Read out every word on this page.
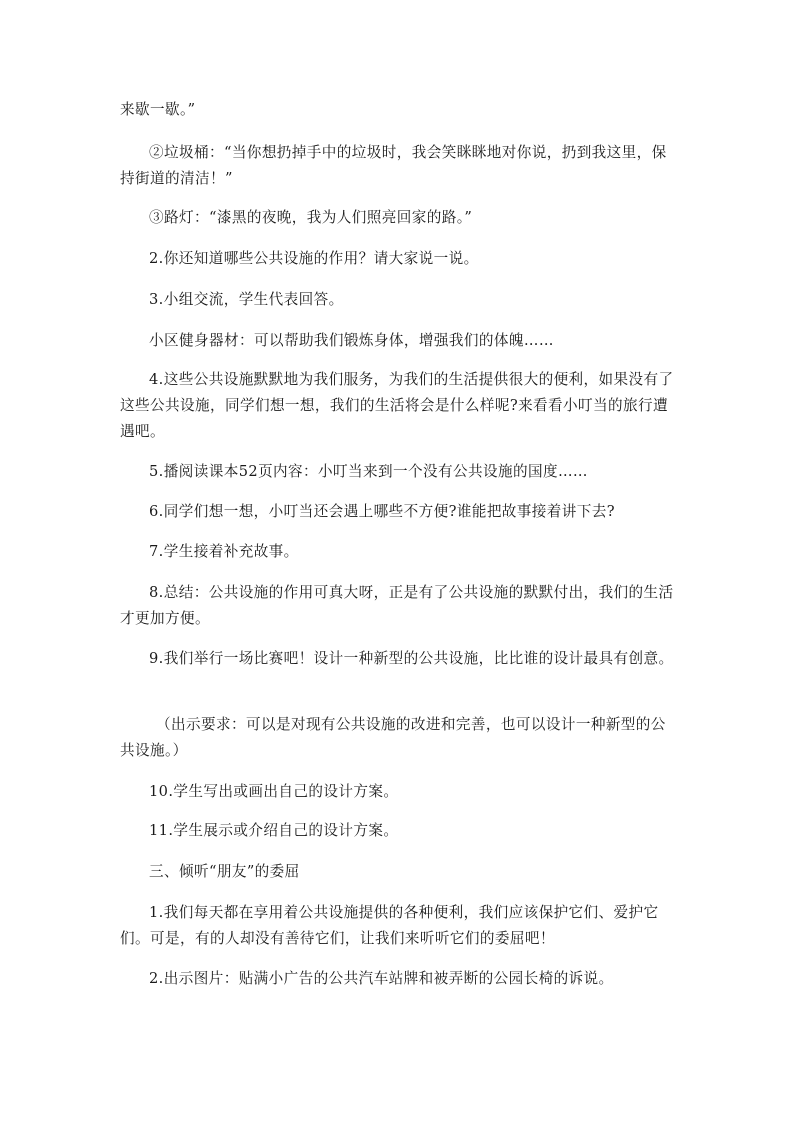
来歇一歇。”

②垃圾桶：“当你想扔掉手中的垃圾时，我会笑眯眯地对你说，扔到我这里，保持街道的清洁！”

③路灯：“漆黑的夜晚，我为人们照亮回家的路。”

2.你还知道哪些公共设施的作用？请大家说一说。

3.小组交流，学生代表回答。

小区健身器材：可以帮助我们锻炼身体，增强我们的体魄……

4.这些公共设施默默地为我们服务，为我们的生活提供很大的便利，如果没有了这些公共设施，同学们想一想，我们的生活将会是什么样呢?来看看小叮当的旅行遭遇吧。

5.播阅读课本52页内容：小叮当来到一个没有公共设施的国度……

6.同学们想一想，小叮当还会遇上哪些不方便?谁能把故事接着讲下去?

7.学生接着补充故事。

8.总结：公共设施的作用可真大呀，正是有了公共设施的默默付出，我们的生活才更加方便。

9.我们举行一场比赛吧！设计一种新型的公共设施，比比谁的设计最具有创意。

（出示要求：可以是对现有公共设施的改进和完善，也可以设计一种新型的公共设施。）

10.学生写出或画出自己的设计方案。

11.学生展示或介绍自己的设计方案。

三、倾听“朋友”的委屈

1.我们每天都在享用着公共设施提供的各种便利，我们应该保护它们、爱护它们。可是，有的人却没有善待它们，让我们来听听它们的委屈吧！

2.出示图片：贴满小广告的公共汽车站牌和被弄断的公园长椅的诉说。
